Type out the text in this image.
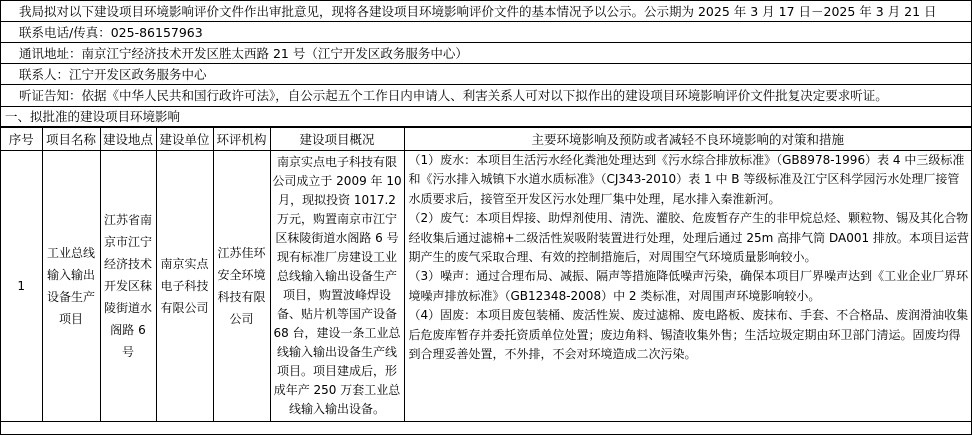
我局拟对以下建设项目环境影响评价文件作出审批意见，现将各建设项目环境影响评价文件的基本情况予以公示。公示期为 2025 年 3 月 17 日－2025 年 3 月 21 日
联系电话/传真：025-86157963
通讯地址：南京江宁经济技术开发区胜太西路 21 号（江宁开发区政务服务中心）
联系人：江宁开发区政务服务中心
听证告知：依据《中华人民共和国行政许可法》，自公示起五个工作日内申请人、利害关系人可对以下拟作出的建设项目环境影响评价文件批复决定要求听证。
一、拟批准的建设项目环境影响
序号	项目名称	建设地点	建设单位	环评机构	建设项目概况	主要环境影响及预防或者减轻不良环境影响的对策和措施
1	工业总线输入输出设备生产项目	江苏省南京市江宁经济技术开发区秣陵街道水阁路 6 号	南京实点电子科技有限公司	江苏佳环安全环境科技有限公司	南京实点电子科技有限公司成立于 2009 年 10 月，现拟投资 1017.2 万元，购置南京市江宁区秣陵街道水阁路 6 号现有标准厂房建设工业总线输入输出设备生产项目，购置波峰焊设备、贴片机等国产设备 68 台，建设一条工业总线输入输出设备生产线项目。项目建成后，形成年产 250 万套工业总线输入输出设备。	（1）废水：本项目生活污水经化粪池处理达到《污水综合排放标准》（GB8978-1996）表 4 中三级标准和《污水排入城镇下水道水质标准》（CJ343-2010）表 1 中 B 等级标准及江宁区科学园污水处理厂接管水质要求后，接管至开发区污水处理厂集中处理，尾水排入秦淮新河。
（2）废气：本项目焊接、助焊剂使用、清洗、灌胶、危废暂存产生的非甲烷总烃、颗粒物、锡及其化合物经收集后通过滤棉+二级活性炭吸附装置进行处理，处理后通过 25m 高排气筒 DA001 排放。本项目运营期产生的废气采取合理、有效的控制措施后，对周围空气环境质量影响较小。
（3）噪声：通过合理布局、减振、隔声等措施降低噪声污染，确保本项目厂界噪声达到《工业企业厂界环境噪声排放标准》（GB12348-2008）中 2 类标准，对周围声环境影响较小。
（4）固废：本项目废包装桶、废活性炭、废过滤棉、废电路板、废抹布、手套、不合格品、废润滑油收集后危废库暂存并委托资质单位处置；废边角料、锡渣收集外售；生活垃圾定期由环卫部门清运。固废均得到合理妥善处置，不外排，不会对环境造成二次污染。
